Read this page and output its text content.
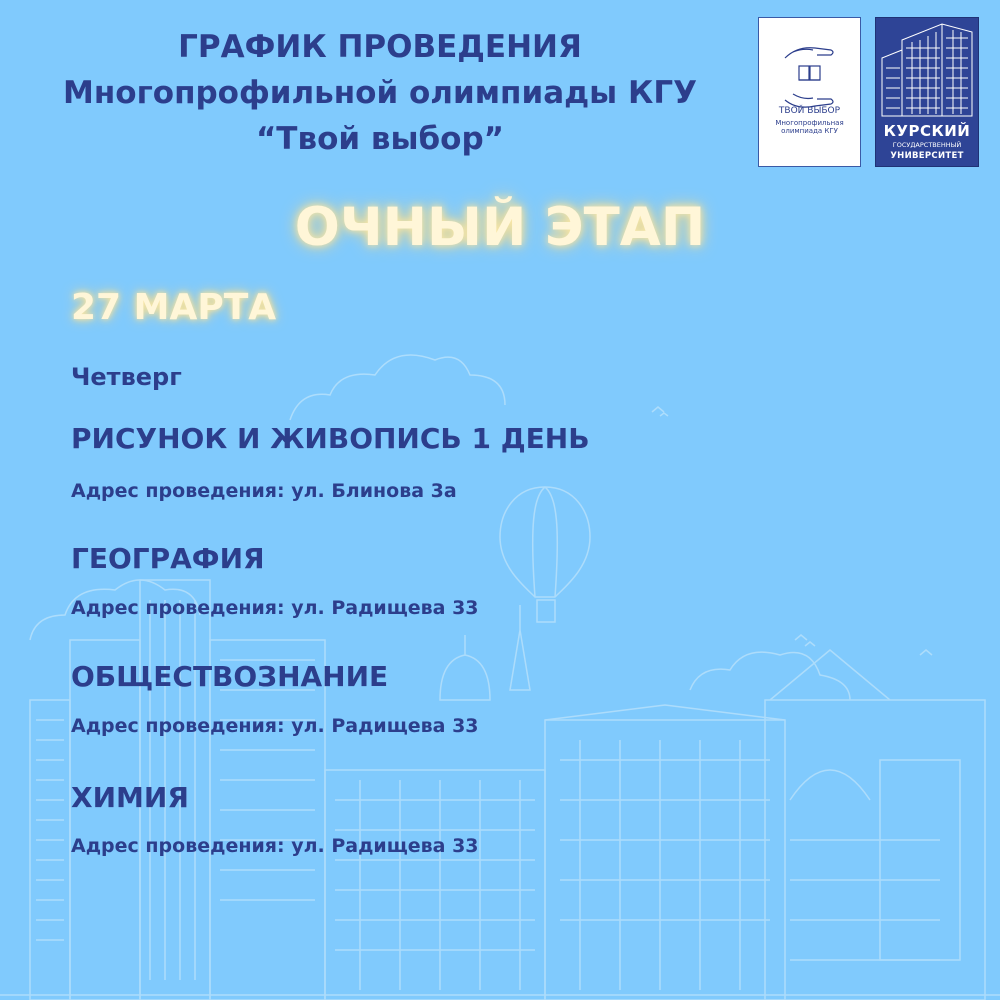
ГРАФИК ПРОВЕДЕНИЯ
Многопрофильной олимпиады КГУ
“Твой выбор”
ТВОЙ ВЫБОР
Многопрофильная олимпиада КГУ	КУРСКИЙ
ГОСУДАРСТВЕННЫЙ
УНИВЕРСИТЕТ
ОЧНЫЙ ЭТАП
27 МАРТА
Четверг
РИСУНОК И ЖИВОПИСЬ 1 ДЕНЬ
Адрес проведения: ул. Блинова 3а
ГЕОГРАФИЯ
Адрес проведения: ул. Радищева 33
ОБЩЕСТВОЗНАНИЕ
Адрес проведения: ул. Радищева 33
ХИМИЯ
Адрес проведения: ул. Радищева 33
